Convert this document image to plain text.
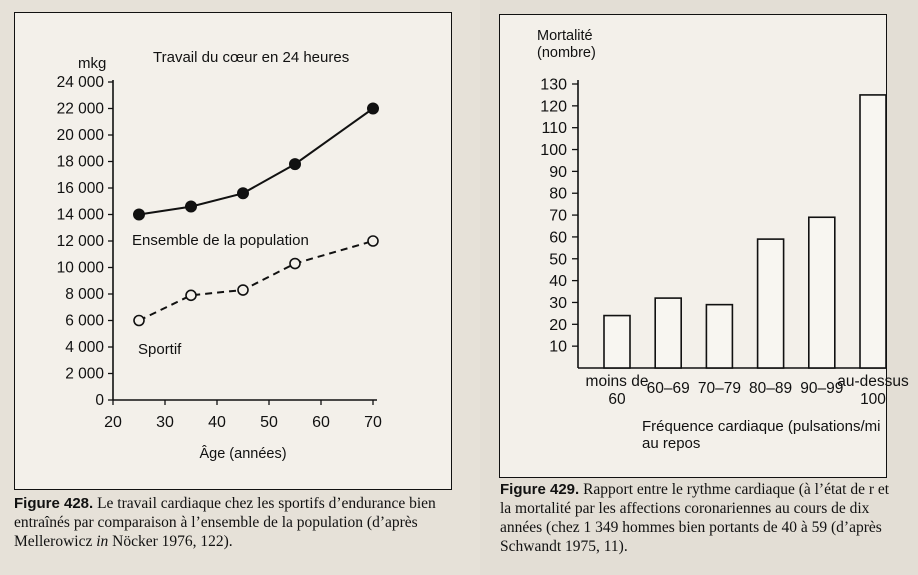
0
2 000
4 000
6 000
8 000
10 000
12 000
14 000
16 000
18 000
20 000
22 000
24 000
20 30 40 50 60 70
mkg	Travail du cœur en 24 heures
Âge (années)
Ensemble de la population
Sportif	10
20
30
40
50
60
70
80
90
100
110
120
130
Mortalité
(nombre)
moins de
60
60–69 70–79 80–89 90–99
au-dessus
100
Fréquence cardiaque (pulsations/mi
au repos

Figure 428. Le travail cardiaque chez les sportifs d’endurance bien entraînés par comparaison à l’ensemble de la population (d’après Mellerowicz in Nöcker 1976, 122).

Figure 429. Rapport entre le rythme cardiaque (à l’état de r et la mortalité par les affections coronariennes au cours de dix années (chez 1 349 hommes bien portants de 40 à 59 (d’après Schwandt 1975, 11).
